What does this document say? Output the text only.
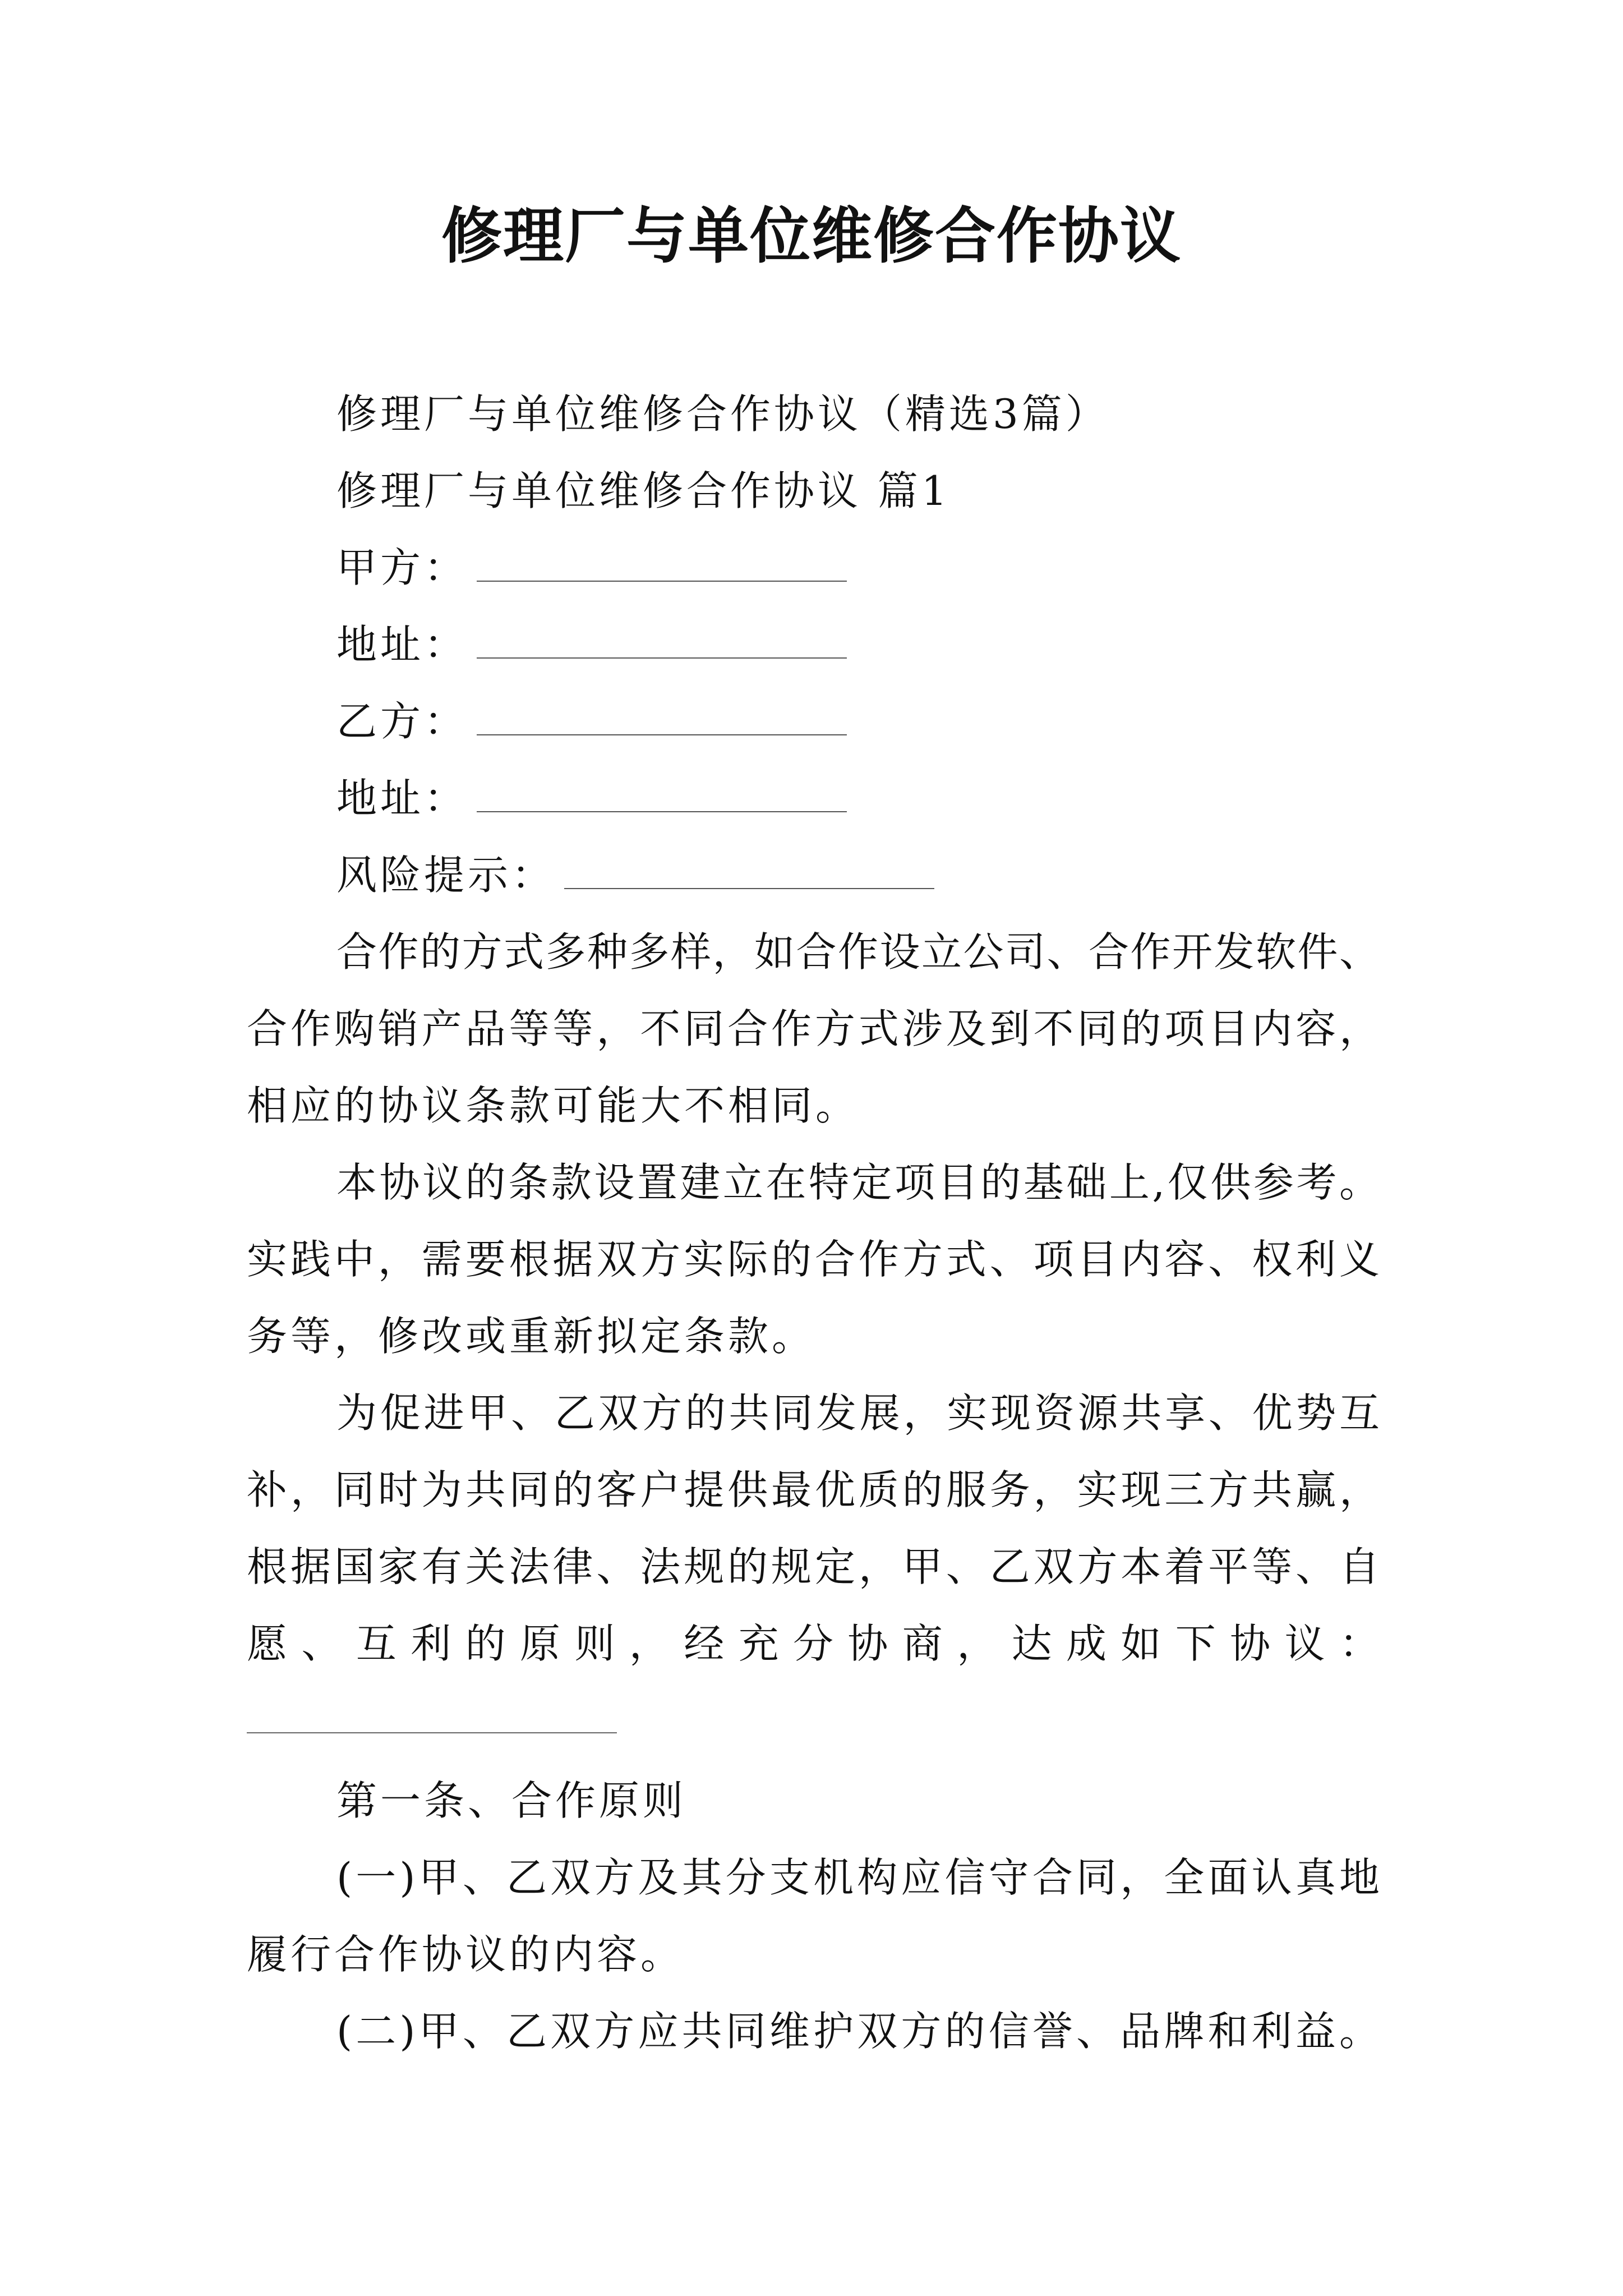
修理厂与单位维修合作协议
修理厂与单位维修合作协议（精选3篇）
修理厂与单位维修合作协议 篇1
甲方：
地址：
乙方：
地址：
风险提示：
合作的方式多种多样，如合作设立公司、合作开发软件、
合作购销产品等等，不同合作方式涉及到不同的项目内容，
相应的协议条款可能大不相同。
本协议的条款设置建立在特定项目的基础上,仅供参考。
实践中，需要根据双方实际的合作方式、项目内容、权利义
务等，修改或重新拟定条款。
为促进甲、乙双方的共同发展，实现资源共享、优势互
补，同时为共同的客户提供最优质的服务，实现三方共赢，
根据国家有关法律、法规的规定，甲、乙双方本着平等、自
愿、互利的原则，经充分协商，达成如下协议：
第一条、合作原则
(一)甲、乙双方及其分支机构应信守合同，全面认真地
履行合作协议的内容。
(二)甲、乙双方应共同维护双方的信誉、品牌和利益。
